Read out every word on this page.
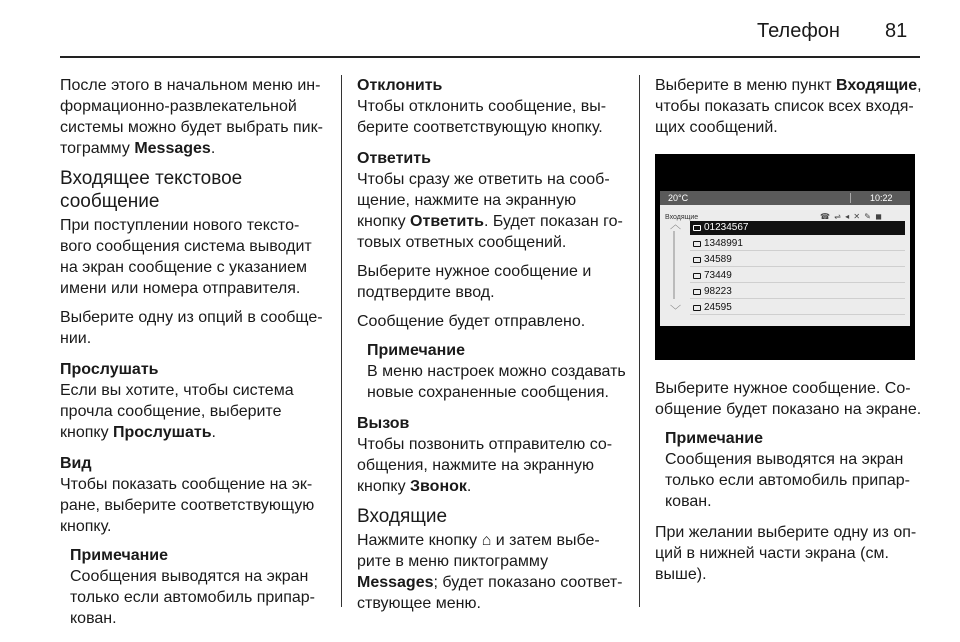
Телефон 81

После этого в начальном меню ин-формационно-развлекательной системы можно будет выбрать пик-тограмму Messages.

Входящее текстовое сообщение

При поступлении нового тексто-вого сообщения система выводит на экран сообщение с указанием имени или номера отправителя.

Выберите одну из опций в сообще-нии.

Прослушать

Если вы хотите, чтобы система прочла сообщение, выберите кнопку Прослушать.

Вид

Чтобы показать сообщение на эк-ране, выберите соответствующую кнопку.

Примечание
Сообщения выводятся на экран только если автомобиль припар-кован.
Отклонить

Чтобы отклонить сообщение, вы-берите соответствующую кнопку.

Ответить

Чтобы сразу же ответить на сооб-щение, нажмите на экранную кнопку Ответить. Будет показан го-товых ответных сообщений.

Выберите нужное сообщение и подтвердите ввод.

Сообщение будет отправлено.

Примечание
В меню настроек можно создавать новые сохраненные сообщения.
Вызов

Чтобы позвонить отправителю со-общения, нажмите на экранную кнопку Звонок.

Входящие

Нажмите кнопку ⌂ и затем выбе-рите в меню пиктограмму Messages; будет показано соответ-ствующее меню.

Выберите в меню пункт Входящие, чтобы показать список всех входя-щих сообщений.

20°C	10:22
Входящие	☎ ⇌ ◂ ✕ ✎ ◼
︿
﹀
01234567
1348991
34589
73449
98223
24595

Выберите нужное сообщение. Со-общение будет показано на экране.

Примечание
Сообщения выводятся на экран только если автомобиль припар-кован.

При желании выберите одну из оп-ций в нижней части экрана (см. выше).
